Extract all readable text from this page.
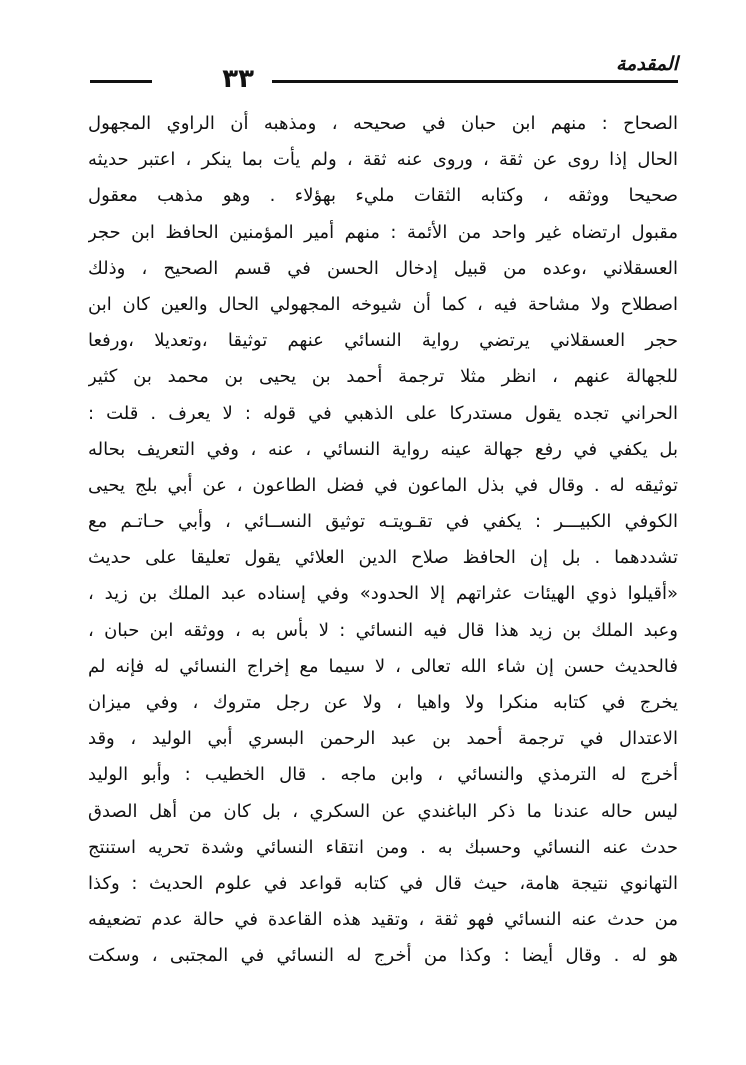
المقدمة
٣٣
الصحاح : منهم ابن حبان في صحيحه ، ومذهبه أن الراوي المجهول
الحال إذا روى عن ثقة ، وروى عنه ثقة ، ولم يأت بما ينكر ، اعتبر حديثه
صحيحا ووثقه ، وكتابه الثقات مليء بهؤلاء . وهو مذهب معقول
مقبول ارتضاه غير واحد من الأئمة : منهم أمير المؤمنين الحافظ ابن حجر
العسقلاني ،وعده من قبيل إدخال الحسن في قسم الصحيح ، وذلك
اصطلاح ولا مشاحة فيه ، كما أن شيوخه المجهولي الحال والعين كان ابن
حجر العسقلاني يرتضي رواية النسائي عنهم توثيقا ،وتعديلا ،ورفعا
للجهالة عنهم ، انظر مثلا ترجمة أحمد بن يحيى بن محمد بن كثير
الحراني تجده يقول مستدركا على الذهبي في قوله : لا يعرف . قلت :
بل يكفي في رفع جهالة عينه رواية النسائي ، عنه ، وفي التعريف بحاله
توثيقه له . وقال في بذل الماعون في فضل الطاعون ، عن أبي بلج يحيى
الكوفي الكبيـــر : يكفي في تقـويتـه توثيق النســائي ، وأبي حـاتـم مع
تشددهما . بل إن الحافظ صلاح الدين العلائي يقول تعليقا على حديث
«أقيلوا ذوي الهيئات عثراتهم إلا الحدود» وفي إسناده عبد الملك بن زيد ،
وعبد الملك بن زيد هذا قال فيه النسائي : لا بأس به ، ووثقه ابن حبان ،
فالحديث حسن إن شاء الله تعالى ، لا سيما مع إخراج النسائي له فإنه لم
يخرج في كتابه منكرا ولا واهيا ، ولا عن رجل متروك ، وفي ميزان
الاعتدال في ترجمة أحمد بن عبد الرحمن البسري أبي الوليد ، وقد
أخرج له الترمذي والنسائي ، وابن ماجه . قال الخطيب : وأبو الوليد
ليس حاله عندنا ما ذكر الباغندي عن السكري ، بل كان من أهل الصدق
حدث عنه النسائي وحسبك به . ومن انتقاء النسائي وشدة تحريه استنتج
التهانوي نتيجة هامة، حيث قال في كتابه قواعد في علوم الحديث : وكذا
من حدث عنه النسائي فهو ثقة ، وتقيد هذه القاعدة في حالة عدم تضعيفه
هو له . وقال أيضا : وكذا من أخرج له النسائي في المجتبى ، وسكت
